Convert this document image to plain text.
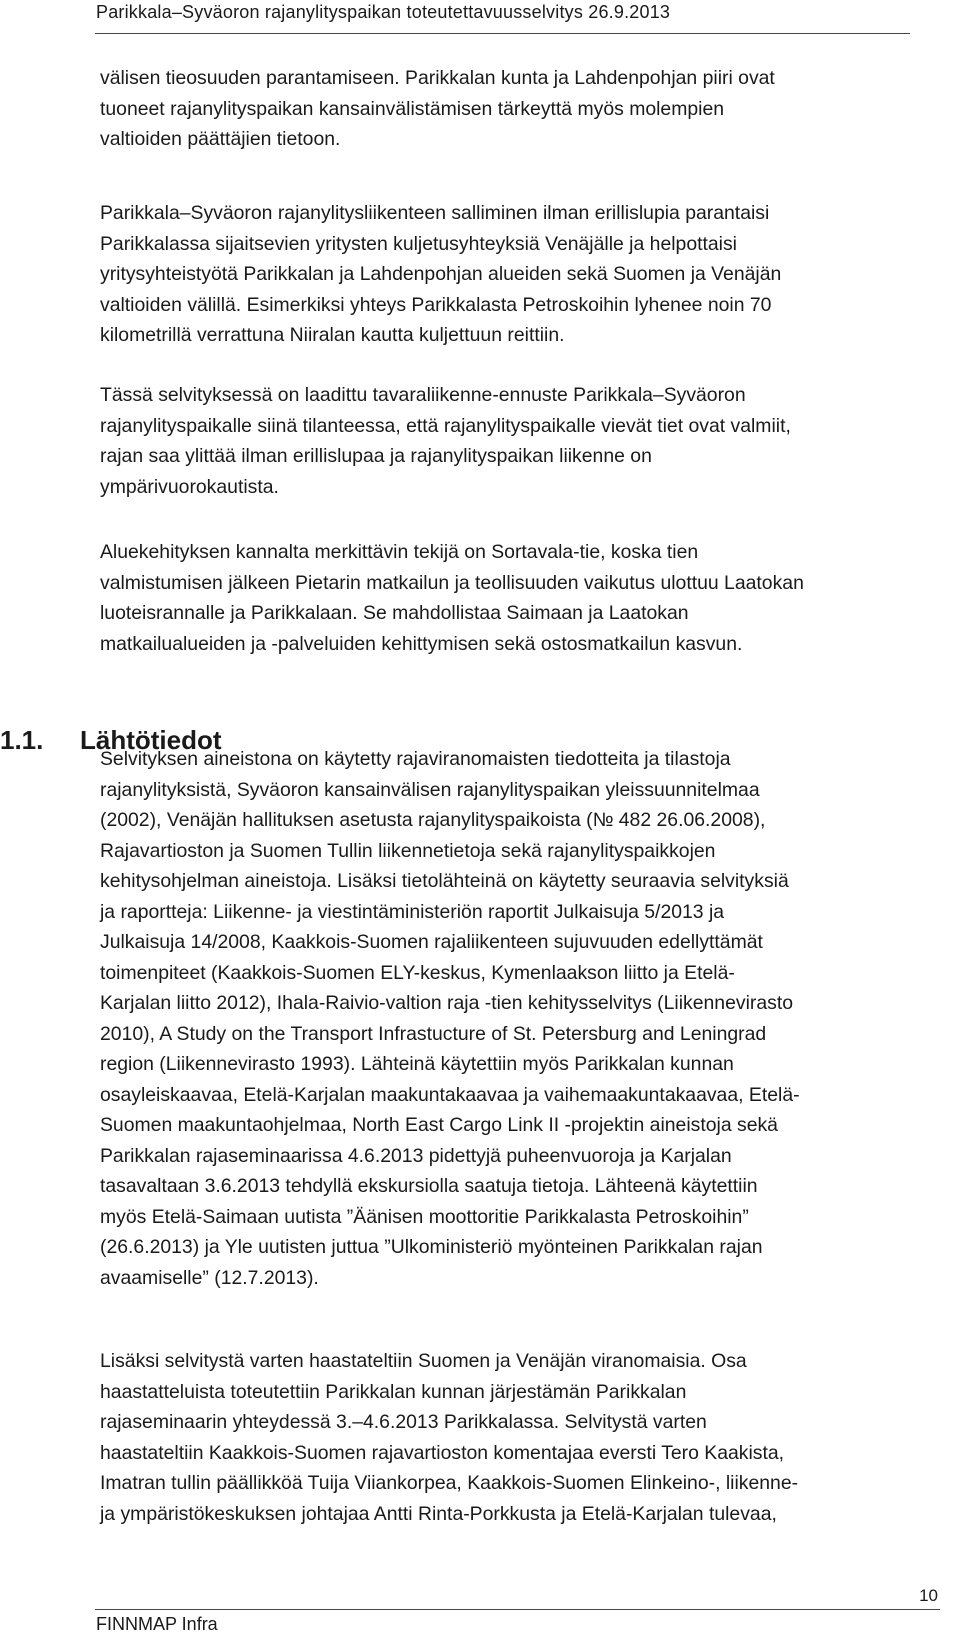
Parikkala–Syväoron rajanylityspaikan toteutettavuusselvitys 26.9.2013
välisen tieosuuden parantamiseen. Parikkalan kunta ja Lahdenpohjan piiri ovat
tuoneet rajanylityspaikan kansainvälistämisen tärkeyttä myös molempien
valtioiden päättäjien tietoon.
Parikkala–Syväoron rajanylitysliikenteen salliminen ilman erillislupia parantaisi
Parikkalassa sijaitsevien yritysten kuljetusyhteyksiä Venäjälle ja helpottaisi
yritysyhteistyötä Parikkalan ja Lahdenpohjan alueiden sekä Suomen ja Venäjän
valtioiden välillä. Esimerkiksi yhteys Parikkalasta Petroskoihin lyhenee noin 70
kilometrillä verrattuna Niiralan kautta kuljettuun reittiin.
Tässä selvityksessä on laadittu tavaraliikenne-ennuste Parikkala–Syväoron
rajanylityspaikalle siinä tilanteessa, että rajanylityspaikalle vievät tiet ovat valmiit,
rajan saa ylittää ilman erillislupaa ja rajanylityspaikan liikenne on
ympärivuorokautista.
Aluekehityksen kannalta merkittävin tekijä on Sortavala-tie, koska tien
valmistumisen jälkeen Pietarin matkailun ja teollisuuden vaikutus ulottuu Laatokan
luoteisrannalle ja Parikkalaan. Se mahdollistaa Saimaan ja Laatokan
matkailualueiden ja -palveluiden kehittymisen sekä ostosmatkailun kasvun.
1.1. Lähtötiedot
Selvityksen aineistona on käytetty rajaviranomaisten tiedotteita ja tilastoja
rajanylityksistä, Syväoron kansainvälisen rajanylityspaikan yleissuunnitelmaa
(2002), Venäjän hallituksen asetusta rajanylityspaikoista (№ 482 26.06.2008),
Rajavartioston ja Suomen Tullin liikennetietoja sekä rajanylityspaikkojen
kehitysohjelman aineistoja. Lisäksi tietolähteinä on käytetty seuraavia selvityksiä
ja raportteja: Liikenne- ja viestintäministeriön raportit Julkaisuja 5/2013 ja
Julkaisuja 14/2008, Kaakkois-Suomen rajaliikenteen sujuvuuden edellyttämät
toimenpiteet (Kaakkois-Suomen ELY-keskus, Kymenlaakson liitto ja Etelä-
Karjalan liitto 2012), Ihala-Raivio-valtion raja -tien kehitysselvitys (Liikennevirasto
2010), A Study on the Transport Infrastucture of St. Petersburg and Leningrad
region (Liikennevirasto 1993). Lähteinä käytettiin myös Parikkalan kunnan
osayleiskaavaa, Etelä-Karjalan maakuntakaavaa ja vaihemaakuntakaavaa, Etelä-
Suomen maakuntaohjelmaa, North East Cargo Link II -projektin aineistoja sekä
Parikkalan rajaseminaarissa 4.6.2013 pidettyjä puheenvuoroja ja Karjalan
tasavaltaan 3.6.2013 tehdyllä ekskursiolla saatuja tietoja. Lähteenä käytettiin
myös Etelä-Saimaan uutista ”Äänisen moottoritie Parikkalasta Petroskoihin”
(26.6.2013) ja Yle uutisten juttua ”Ulkoministeriö myönteinen Parikkalan rajan
avaamiselle” (12.7.2013).
Lisäksi selvitystä varten haastateltiin Suomen ja Venäjän viranomaisia. Osa
haastatteluista toteutettiin Parikkalan kunnan järjestämän Parikkalan
rajaseminaarin yhteydessä 3.–4.6.2013 Parikkalassa. Selvitystä varten
haastateltiin Kaakkois-Suomen rajavartioston komentajaa eversti Tero Kaakista,
Imatran tullin päällikköä Tuija Viiankorpea, Kaakkois-Suomen Elinkeino-, liikenne-
ja ympäristökeskuksen johtajaa Antti Rinta-Porkkusta ja Etelä-Karjalan tulevaa,
10
FINNMAP Infra
